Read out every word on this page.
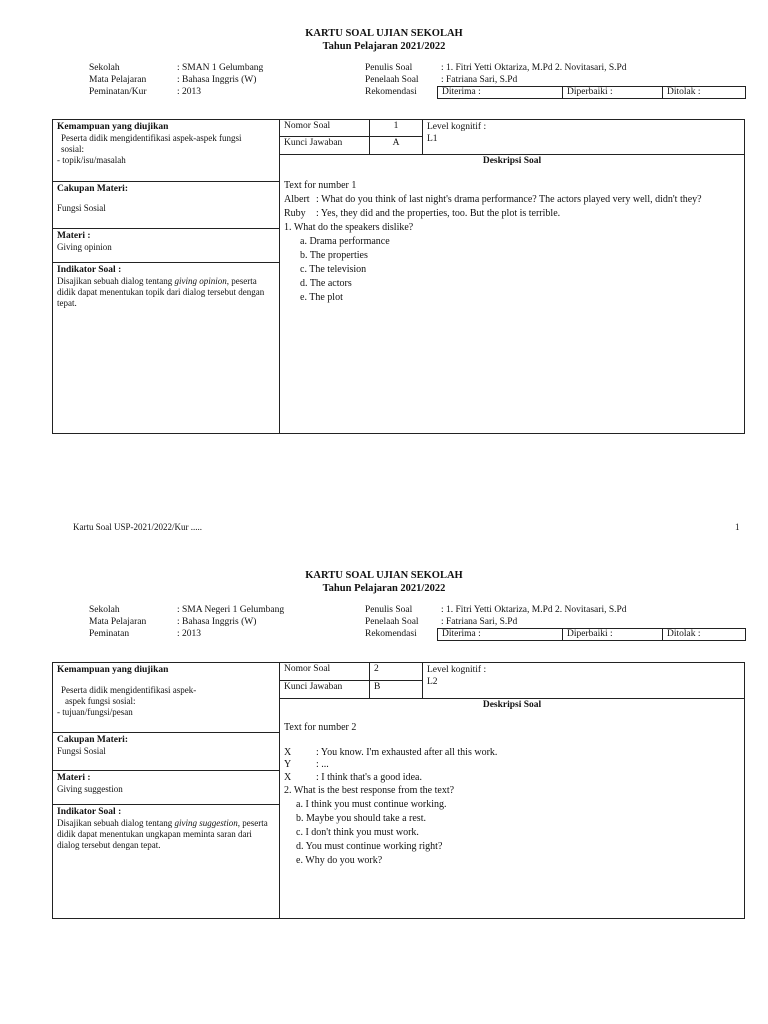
KARTU SOAL UJIAN SEKOLAH
Tahun Pelajaran 2021/2022
Sekolah	: SMAN 1 Gelumbang
Mata Pelajaran	: Bahasa Inggris (W)
Peminatan/Kur	: 2013
Penulis Soal	: 1. Fitri Yetti Oktariza, M.Pd 2. Novitasari, S.Pd
Penelaah Soal : Fatriana Sari, S.Pd
Rekomendasi	Diterima :	Diperbaiki :	Ditolak :
Kemampuan yang diujikan
Peserta didik mengidentifikasi aspek-aspek fungsi
sosial:
- topik/isu/masalah
Cakupan Materi:
Fungsi Sosial
Materi :
Giving opinion
Indikator Soal :
Disajikan sebuah dialog tentang giving opinion, peserta didik dapat menentukan topik dari dialog tersebut dengan tepat.
Nomor Soal	1
Kunci Jawaban	A
Level kognitif :
L1
Deskripsi Soal
Text for number 1
Albert : What do you think of last night's drama performance? The actors played very well, didn't they?
Ruby : Yes, they did and the properties, too. But the plot is terrible.
1. What do the speakers dislike?
a. Drama performance
b. The properties
c. The television
d. The actors
e. The plot
Kartu Soal USP-2021/2022/Kur .....	1
KARTU SOAL UJIAN SEKOLAH
Tahun Pelajaran 2021/2022
Sekolah	: SMA Negeri 1 Gelumbang
Mata Pelajaran	: Bahasa Inggris (W)
Peminatan	: 2013
Penulis Soal	: 1. Fitri Yetti Oktariza, M.Pd 2. Novitasari, S.Pd
Penelaah Soal : Fatriana Sari, S.Pd
Rekomendasi	Diterima :	Diperbaiki :	Ditolak :
Kemampuan yang diujikan
Peserta didik mengidentifikasi aspek-
aspek fungsi sosial:
- tujuan/fungsi/pesan
Cakupan Materi:
Fungsi Sosial
Materi :
Giving suggestion
Indikator Soal :
Disajikan sebuah dialog tentang giving suggestion, peserta didik dapat menentukan ungkapan meminta saran dari dialog tersebut dengan tepat.
Nomor Soal	2
Kunci Jawaban	B
Level kognitif :
L2
Deskripsi Soal
Text for number 2
X : You know. I'm exhausted after all this work.
Y : ...
X : I think that's a good idea.
2. What is the best response from the text?
a. I think you must continue working.
b. Maybe you should take a rest.
c. I don't think you must work.
d. You must continue working right?
e. Why do you work?
